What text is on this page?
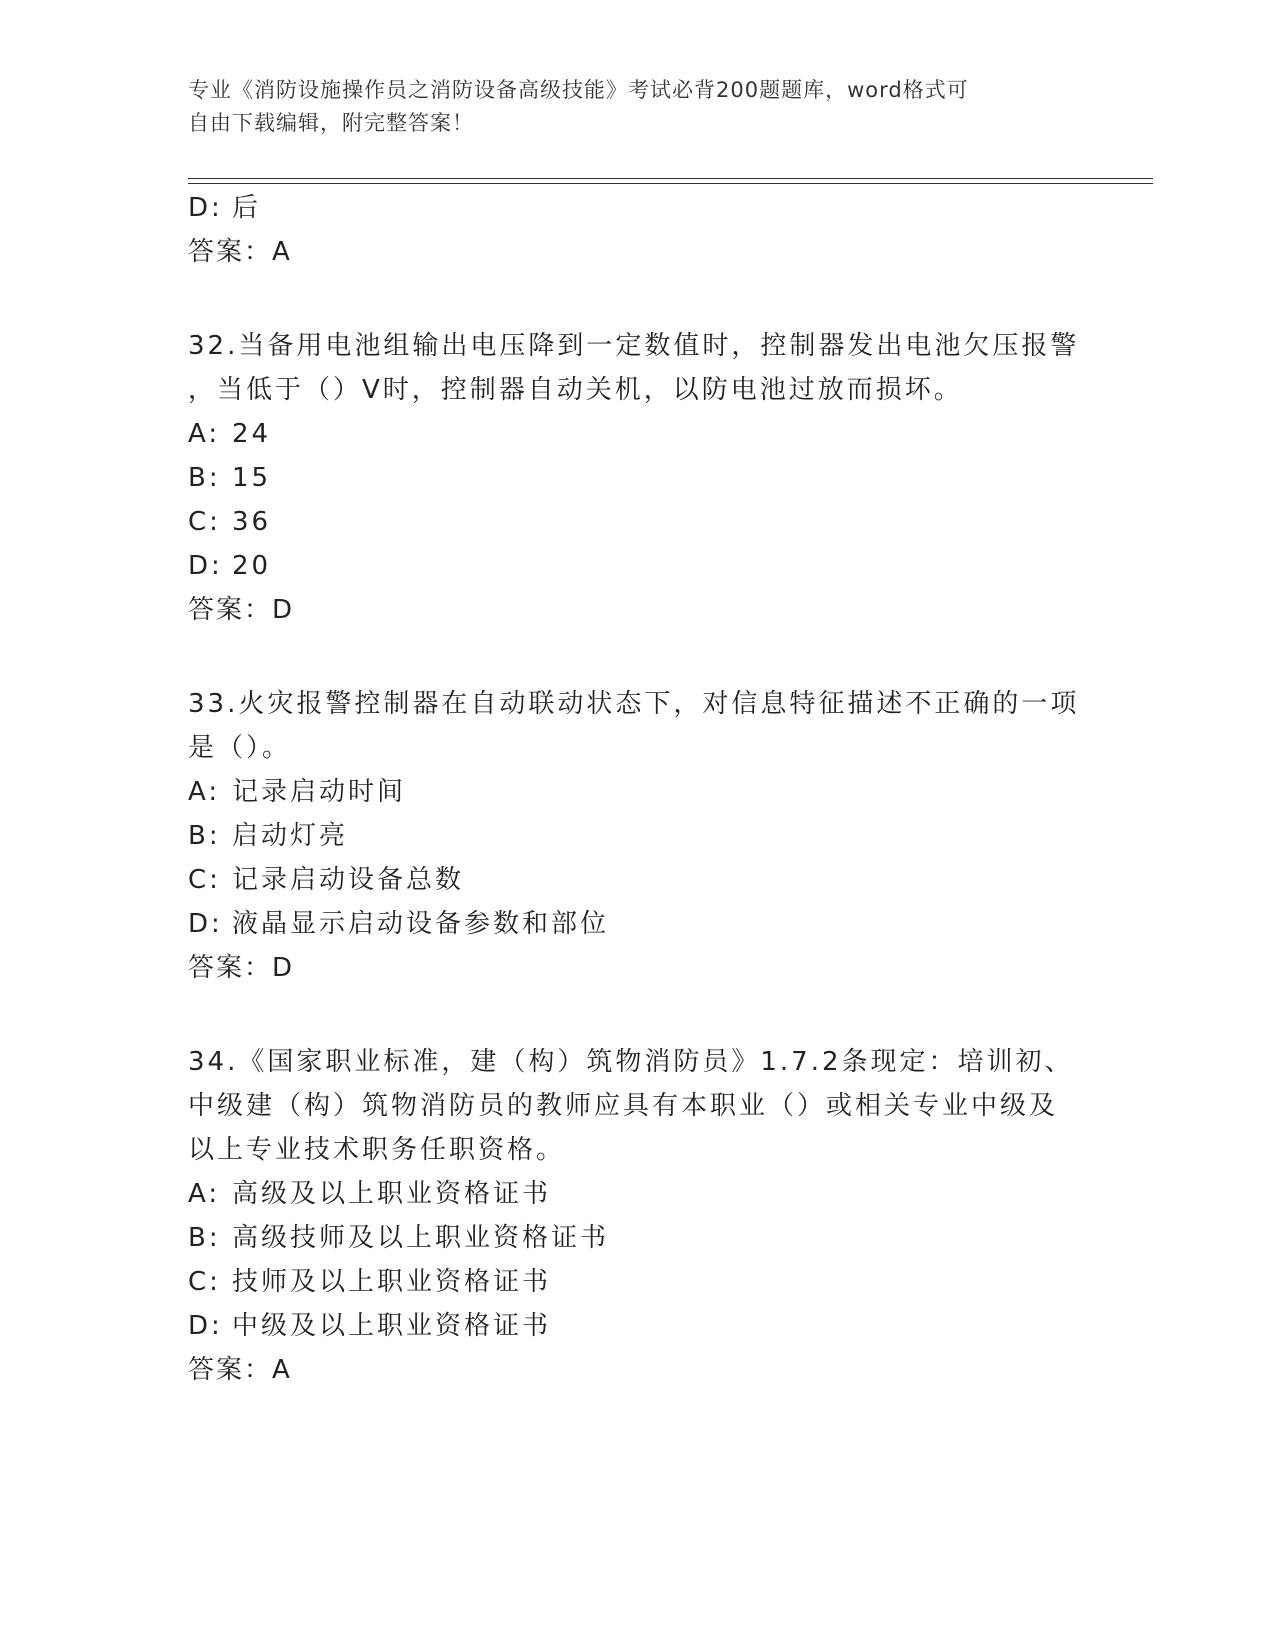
专业《消防设施操作员之消防设备高级技能》考试必背200题题库，word格式可
自由下载编辑，附完整答案！
D: 后
答案：A
32.当备用电池组输出电压降到一定数值时，控制器发出电池欠压报警
，当低于（）V时，控制器自动关机，以防电池过放而损坏。
A: 24
B: 15
C: 36
D: 20
答案：D
33.火灾报警控制器在自动联动状态下，对信息特征描述不正确的一项
是（）。
A: 记录启动时间
B: 启动灯亮
C: 记录启动设备总数
D: 液晶显示启动设备参数和部位
答案：D
34.《国家职业标准，建（构）筑物消防员》1.7.2条现定：培训初、
中级建（构）筑物消防员的教师应具有本职业（）或相关专业中级及
以上专业技术职务任职资格。
A: 高级及以上职业资格证书
B: 高级技师及以上职业资格证书
C: 技师及以上职业资格证书
D: 中级及以上职业资格证书
答案：A
